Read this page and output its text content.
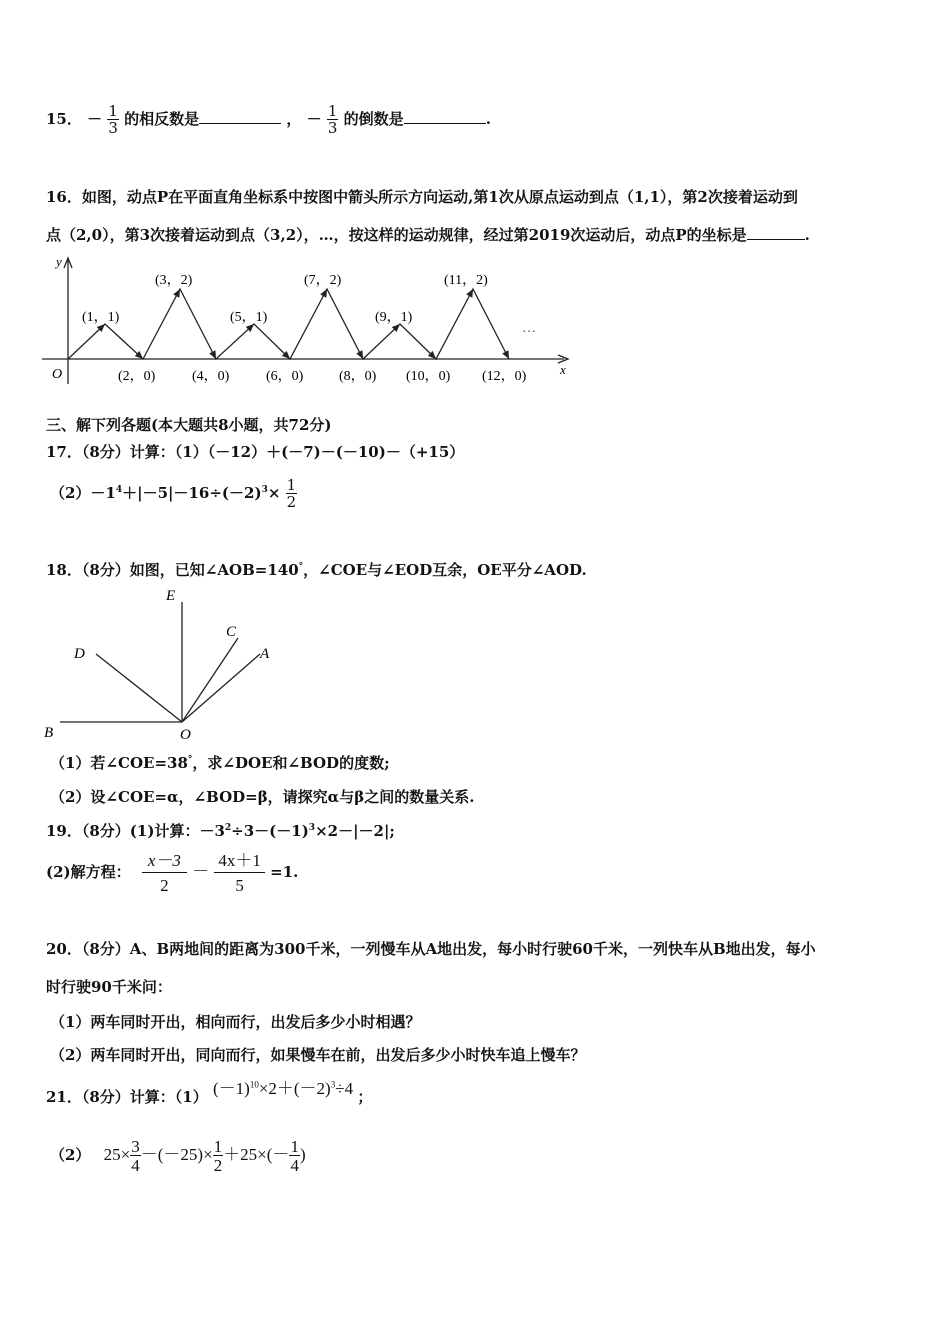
15． － $\frac{1}{3}$ 的相反数是	， － $\frac{1}{3}$ 的倒数是	.
16．如图，动点P在平面直角坐标系中按图中箭头所示方向运动,第1次从原点运动到点（1,1），第2次接着运动到
点（2,0），第3次接着运动到点（3,2），…，按这样的运动规律，经过第2019次运动后，动点P的坐标是	.
y
x
O
(1，1)
(3，2)
(5，1)
(7，2)
(9，1)
(11，2)
(2，0)	(4，0)	(6，0)	(8，0) (10，0) (12，0)
…
三、解下列各题(本大题共8小题，共72分)
17．（8分）计算：（1）（－12）＋(－7)－(－10)－（+15）
$(2)-1^4+|-5|-16\div(-2)^3\times \frac{1}{2}$
18．（8分）如图，已知∠AOB=140°，∠COE与∠EOD互余，OE平分∠AOD.
E
C
A
D
B	O
（1）若∠COE=38°，求∠DOE和∠BOD的度数;
（2）设∠COE=α，∠BOD=β，请探究α与β之间的数量关系.
19．（8分）(1)计算：$-3^2\div 3-(-1)^3\times 2-|-2|$;
(2)解方程： $\frac{x-3}{2} - \frac{4x+1}{5} =1$.
20．（8分）A、B两地间的距离为300千米，一列慢车从A地出发，每小时行驶60千米，一列快车从B地出发，每小
时行驶90千米问：
（1）两车同时开出，相向而行，出发后多少小时相遇？
（2）两车同时开出，同向而行，如果慢车在前，出发后多少小时快车追上慢车？
21．（8分）计算：（1） $(-1)^{10}\times 2+(-2)^3\div 4$ ；
（2） $25\times \frac{3}{4} -(-25)\times \frac{1}{2} +25\times(- \frac{1}{4}$ )
